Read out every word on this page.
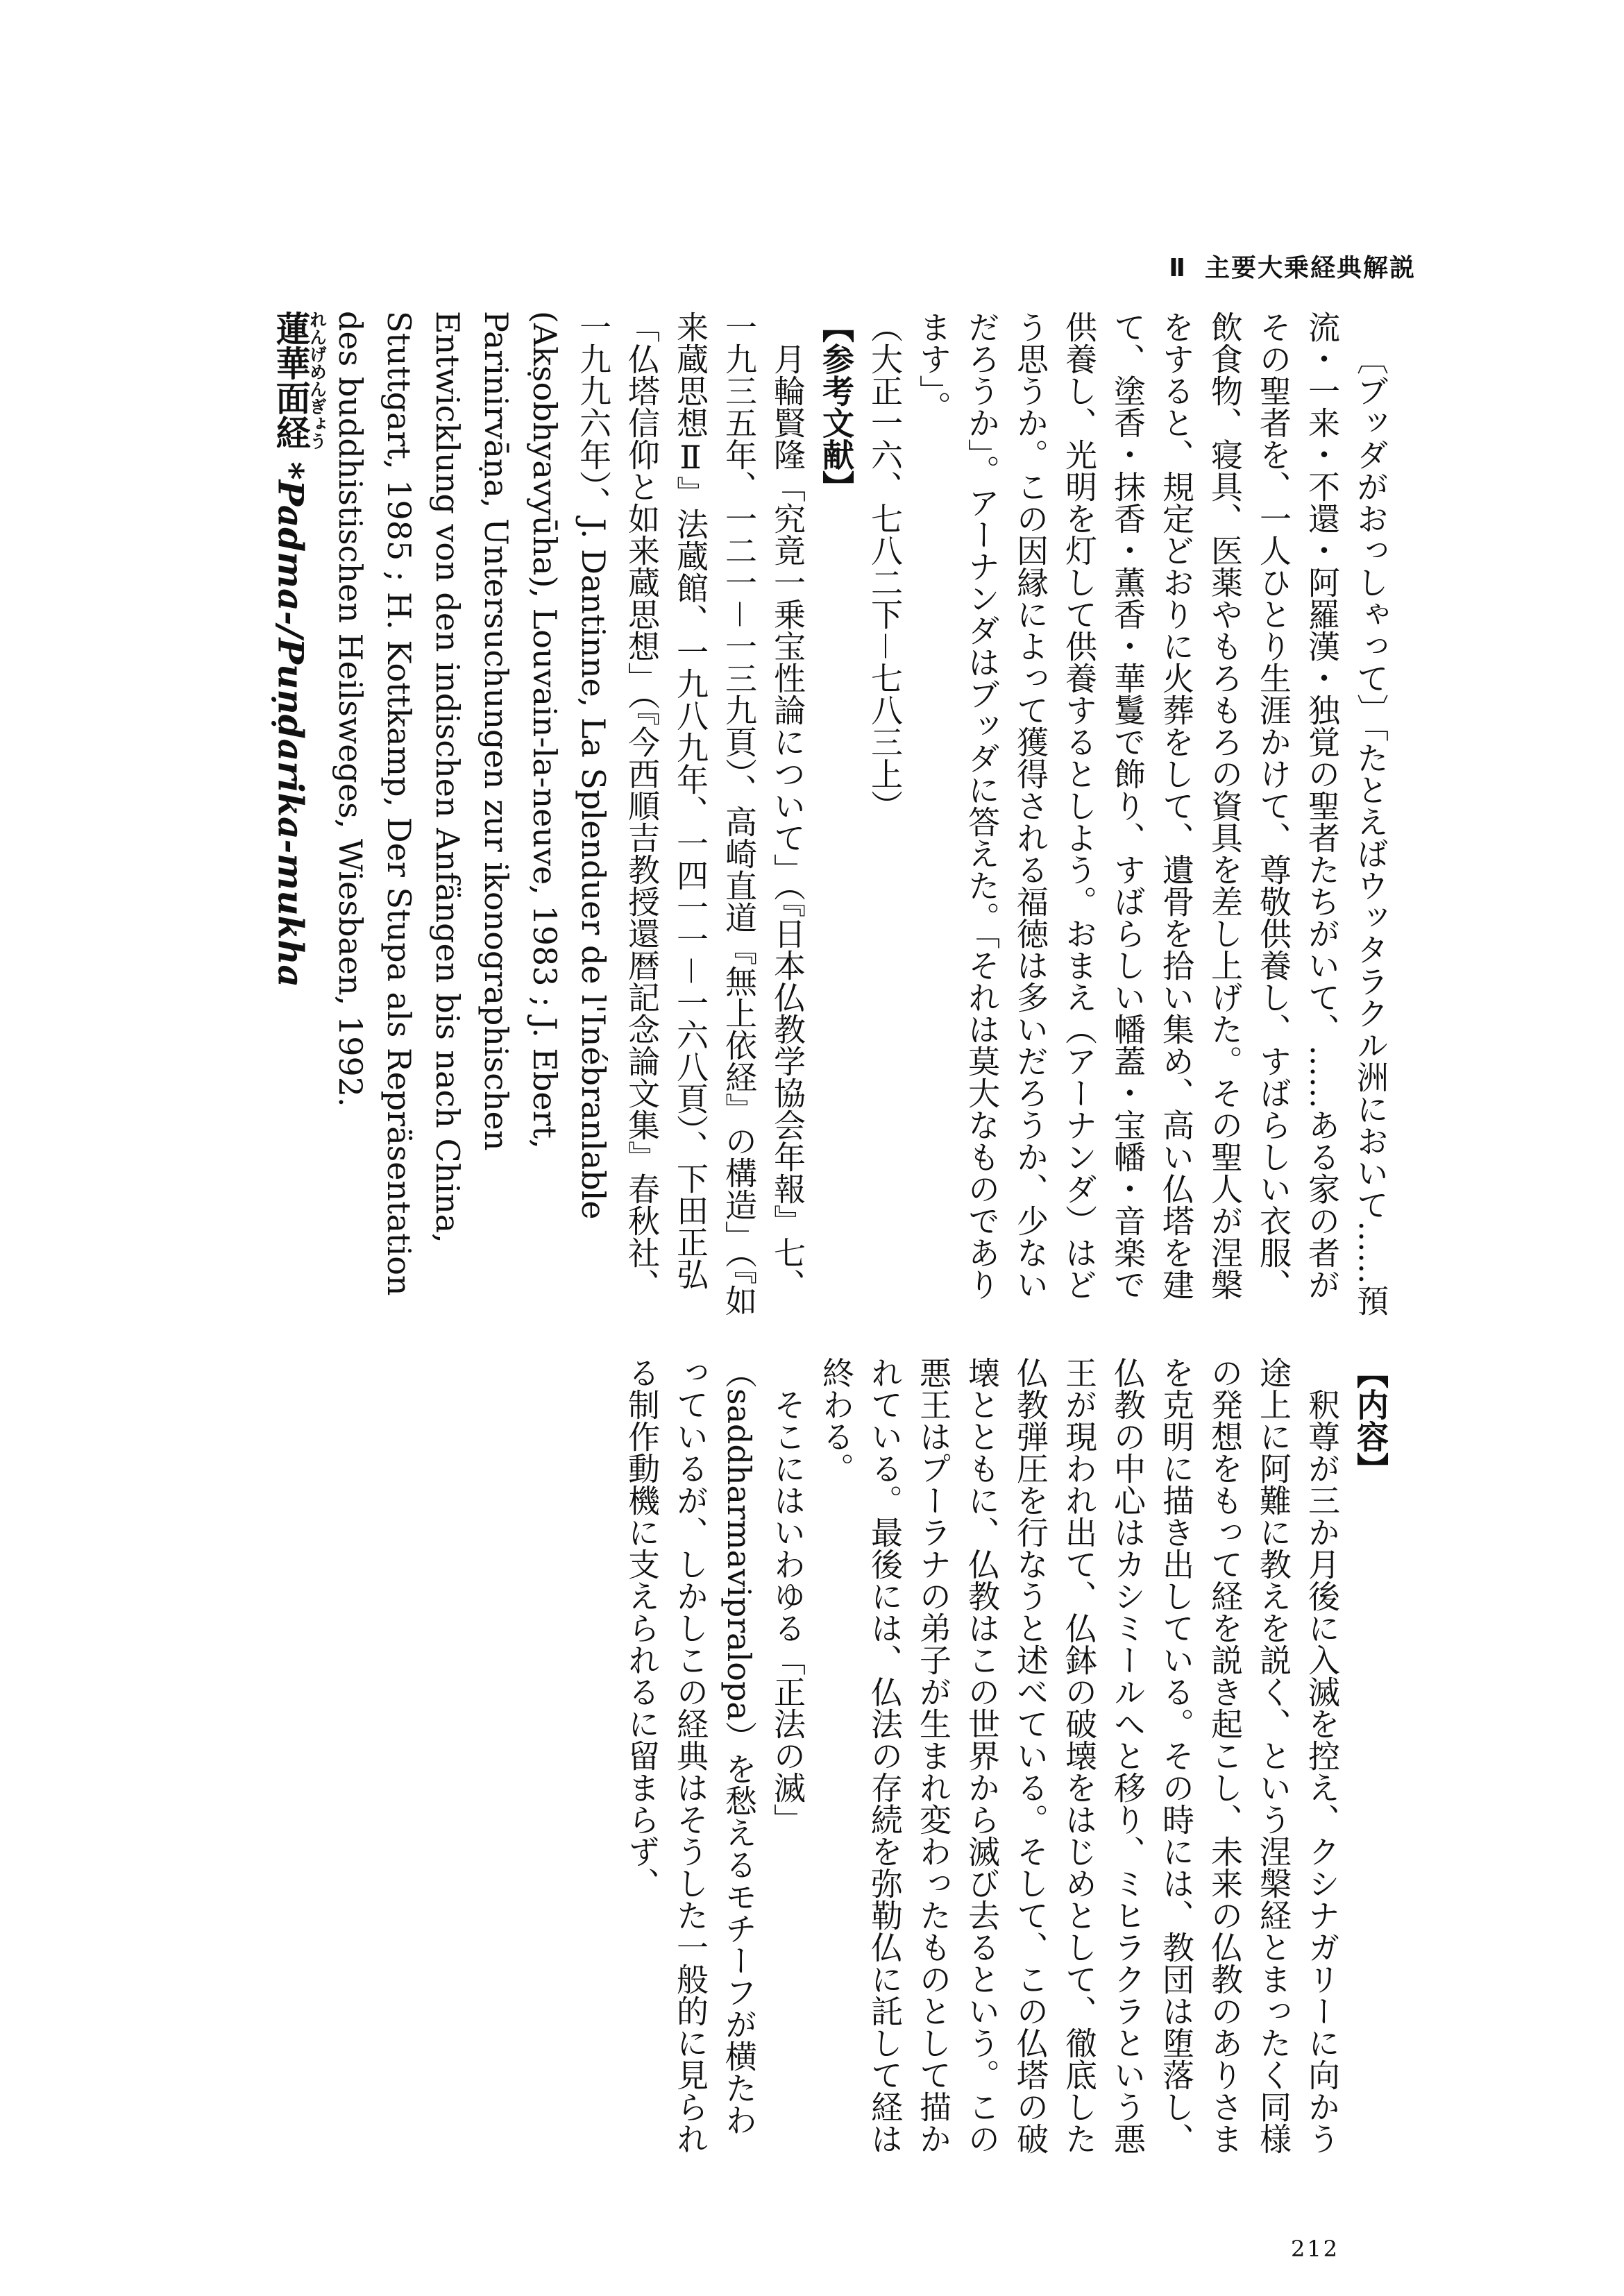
Ⅱ 主要大乗経典解説

〔ブッダがおっしゃって〕「たとえばウッタラクル洲において……預流・一来・不還・阿羅漢・独覚の聖者たちがいて、……ある家の者がその聖者を、一人ひとり生涯かけて、尊敬供養し、すばらしい衣服、飲食物、寝具、医薬やもろもろの資具を差し上げた。その聖人が涅槃をすると、規定どおりに火葬をして、遺骨を拾い集め、高い仏塔を建て、塗香・抹香・薫香・華鬘で飾り、すばらしい幡蓋・宝幡・音楽で供養し、光明を灯して供養するとしよう。おまえ（アーナンダ）はどう思うか。この因縁によって獲得される福徳は多いだろうか、少ないだろうか」。アーナンダはブッダに答えた。「それは莫大なものであります」。

（大正一六、七八二下－七八三上）

【参考文献】

月輪賢隆「究竟一乗宝性論について」（『日本仏教学協会年報』七、一九三五年、一二一－一三九頁）、高崎直道『無上依経』の構造」（『如来蔵思想Ⅱ』法蔵館、一九八九年、一四一一－一六八頁）、下田正弘「仏塔信仰と如来蔵思想」（『今西順吉教授還暦記念論文集』春秋社、一九九六年）、J. Dantinne, La Splenduer de l'Inébranlable (Akṣobhyavyūha), Louvain-la-neuve, 1983 ; J. Ebert, Parinirvāṇa, Untersuchungen zur ikonographischen Entwicklung von den indischen Anfängen bis nach China, Stuttgart, 1985 ; H. Kottkamp, Der Stupa als Repräsentation des buddhistischen Heilsweges, Wiesbaen, 1992.

蓮華面経れんげめんぎょう *Padma-/Puṇḍarika-mukha

【内容】

釈尊が三か月後に入滅を控え、クシナガリーに向かう途上に阿難に教えを説く、という涅槃経とまったく同様の発想をもって経を説き起こし、未来の仏教のありさまを克明に描き出している。その時には、教団は堕落し、仏教の中心はカシミールへと移り、ミヒラクラという悪王が現われ出て、仏鉢の破壊をはじめとして、徹底した仏教弾圧を行なうと述べている。そして、この仏塔の破壊とともに、仏教はこの世界から滅び去るという。この悪王はプーラナの弟子が生まれ変わったものとして描かれている。最後には、仏法の存続を弥勒仏に託して経は終わる。

そこにはいわゆる「正法の滅」（saddharmavipralopa）を愁えるモチーフが横たわっているが、しかしこの経典はそうした一般的に見られる制作動機に支えられるに留まらず、

212
